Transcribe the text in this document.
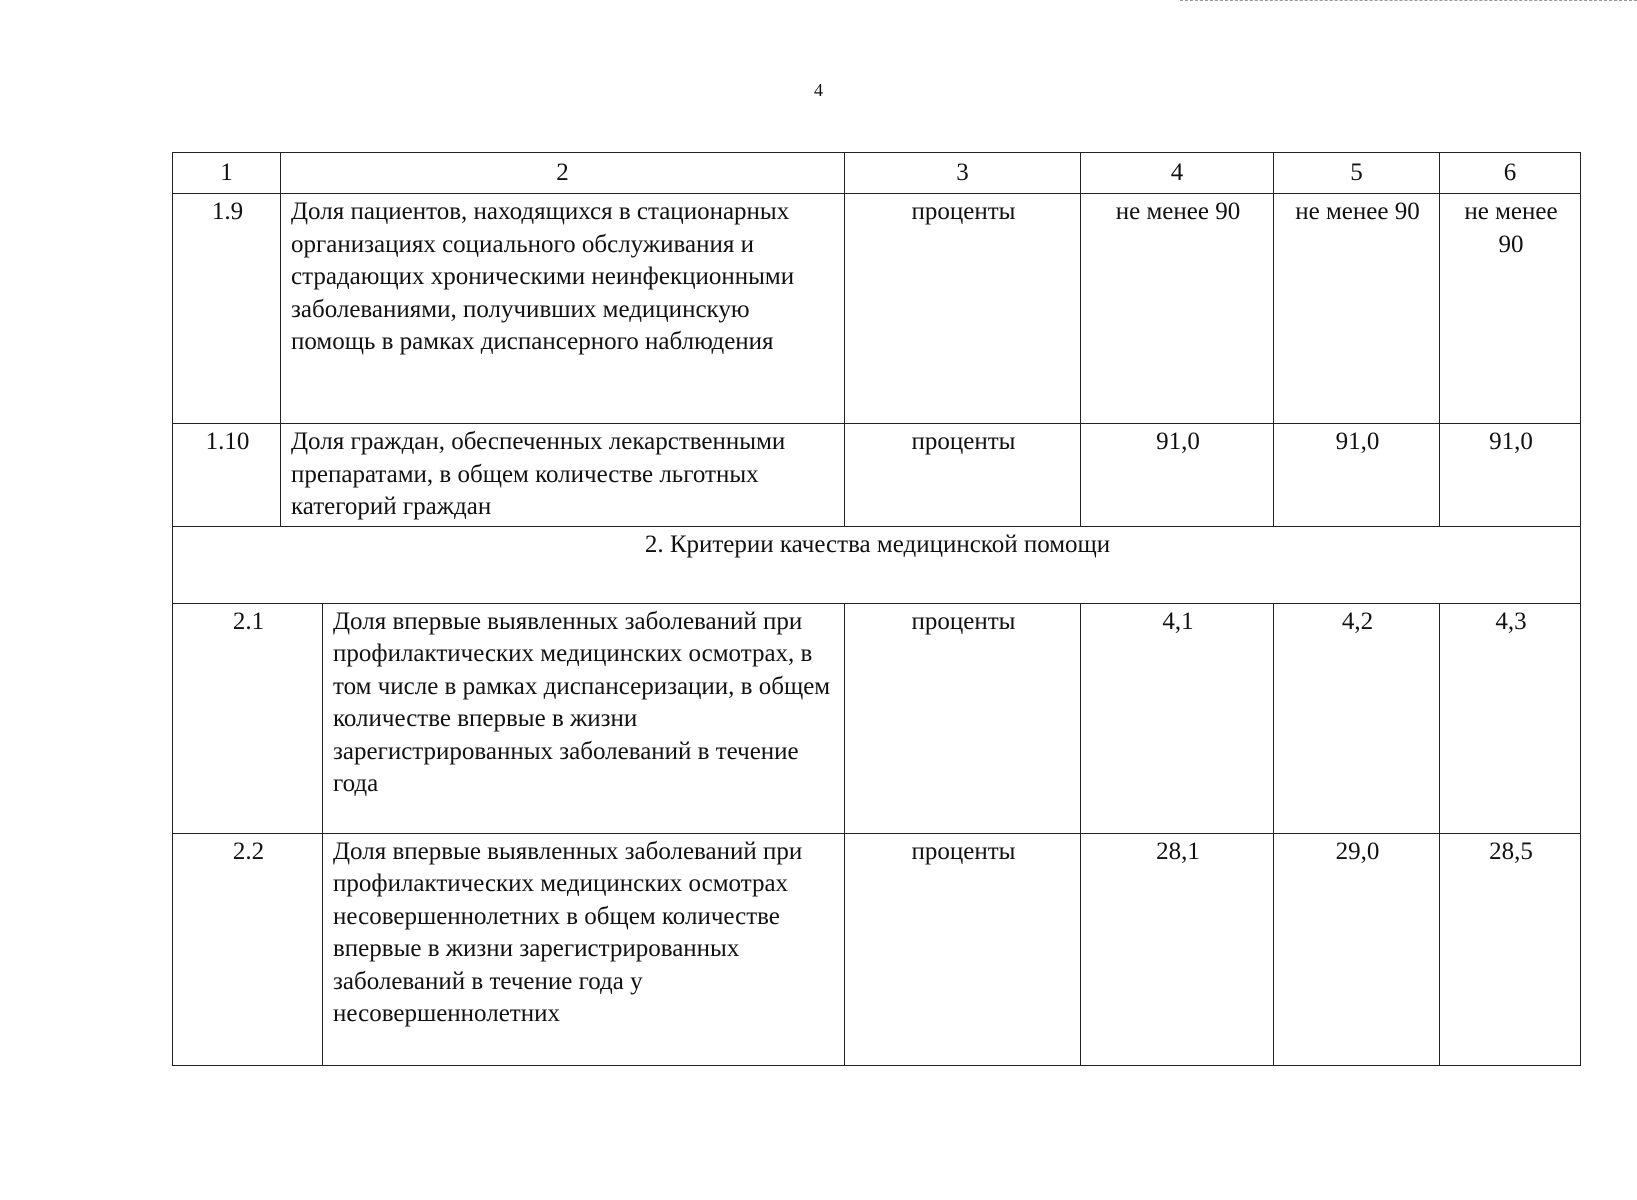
4
1	2		3	4	5	6
1.9	Доля пациентов, находящихся в стационарных организациях социального обслуживания и страдающих хроническими неинфекционными заболеваниями, получивших медицинскую помощь в рамках диспансерного наблюдения		проценты	не менее 90	не менее 90	не менее 90
1.10	Доля граждан, обеспеченных лекарственными препаратами, в общем количестве льготных категорий граждан		проценты	91,0	91,0	91,0
2. Критерии качества медицинской помощи						
2.1		Доля впервые выявленных заболеваний при профилактических медицинских осмотрах, в том числе в рамках диспансеризации, в общем количестве впервые в жизни зарегистрированных заболеваний в течение года	проценты	4,1	4,2	4,3
2.2		Доля впервые выявленных заболеваний при профилактических медицинских осмотрах несовершеннолетних в общем количестве впервые в жизни зарегистрированных заболеваний в течение года у несовершеннолетних	проценты	28,1	29,0	28,5
